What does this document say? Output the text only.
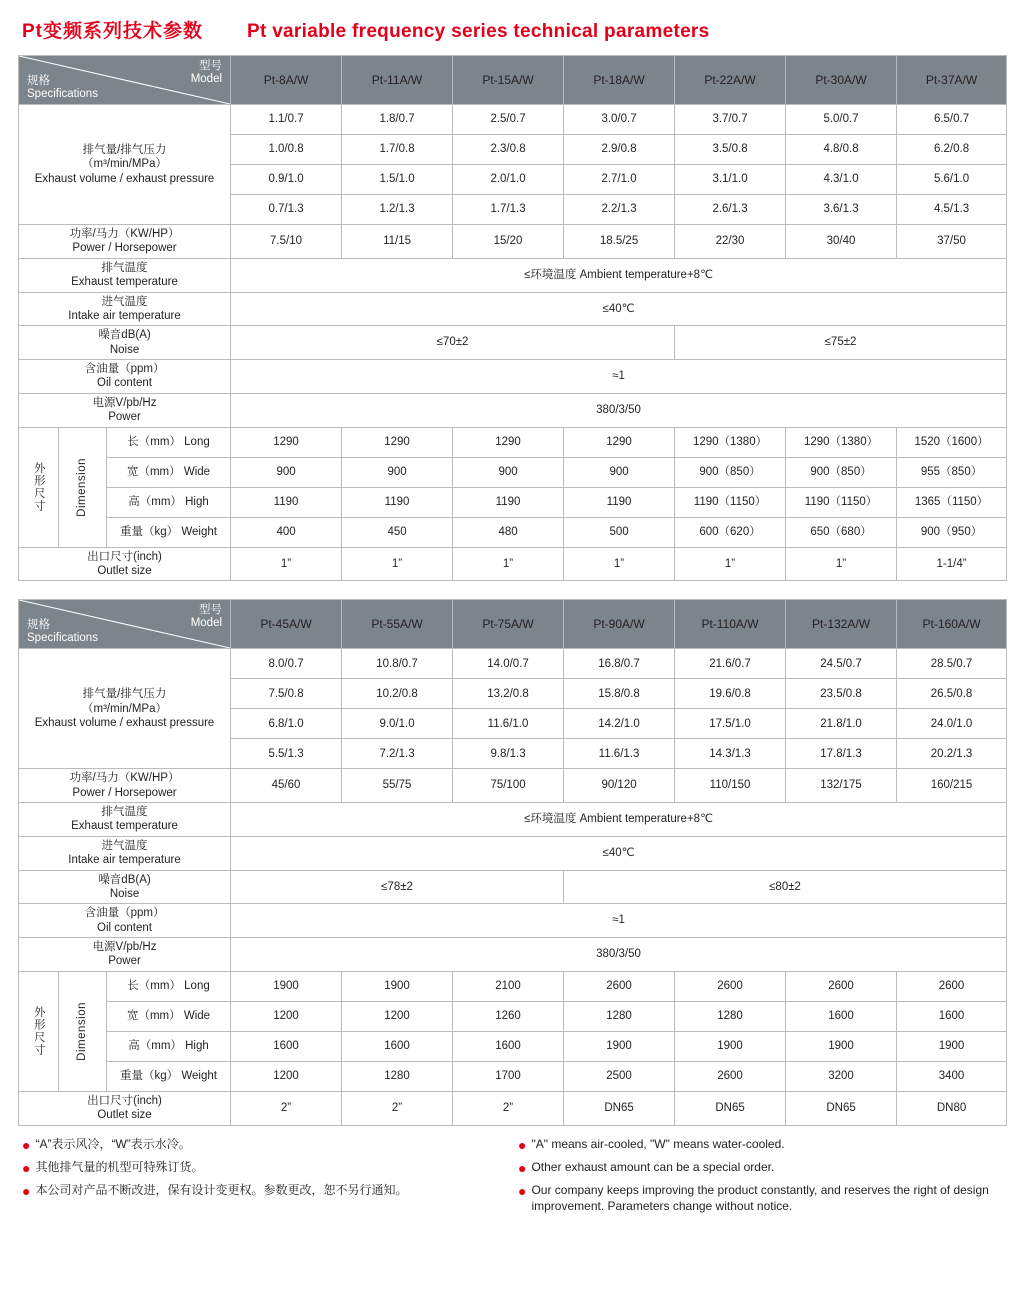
Pt变频系列技术参数 Pt variable frequency series technical parameters
型号
Model
规格
Specifications			Pt-8A/W	Pt-11A/W	Pt-15A/W	Pt-18A/W	Pt-22A/W	Pt-30A/W	Pt-37A/W

排气量/排气压力
（m³/min/MPa）
Exhaust volume / exhaust pressure			1.1/0.7	1.8/0.7	2.5/0.7	3.0/0.7	3.7/0.7	5.0/0.7	6.5/0.7
			1.0/0.8	1.7/0.8	2.3/0.8	2.9/0.8	3.5/0.8	4.8/0.8	6.2/0.8
			0.9/1.0	1.5/1.0	2.0/1.0	2.7/1.0	3.1/1.0	4.3/1.0	5.6/1.0
			0.7/1.3	1.2/1.3	1.7/1.3	2.2/1.3	2.6/1.3	3.6/1.3	4.5/1.3

功率/马力（KW/HP）
Power / Horsepower			7.5/10	11/15	15/20	18.5/25	22/30	30/40	37/50

排气温度
Exhaust temperature			≤环境温度 Ambient temperature+8℃						

进气温度
Intake air temperature			≤40℃						

噪音dB(A)
Noise			≤70±2				≤75±2		

含油量（ppm）
Oil content			≈1						

电源V/pb/Hz
Power			380/3/50						

外形尺寸	Dimension	长（mm） Long	1290	1290	1290	1290	1290（1380）	1290（1380）	1520（1600）
		宽（mm） Wide	900	900	900	900	900（850）	900（850）	955（850）
		高（mm） High	1190	1190	1190	1190	1190（1150）	1190（1150）	1365（1150）
		重量（kg） Weight	400	450	480	500	600（620）	650（680）	900（950）

出口尺寸(inch)
Outlet size			1”	1”	1”	1”	1”	1”	1-1/4”
型号
Model
规格
Specifications			Pt-45A/W	Pt-55A/W	Pt-75A/W	Pt-90A/W	Pt-110A/W	Pt-132A/W	Pt-160A/W

排气量/排气压力
（m³/min/MPa）
Exhaust volume / exhaust pressure			8.0/0.7	10.8/0.7	14.0/0.7	16.8/0.7	21.6/0.7	24.5/0.7	28.5/0.7
			7.5/0.8	10.2/0.8	13.2/0.8	15.8/0.8	19.6/0.8	23.5/0.8	26.5/0.8
			6.8/1.0	9.0/1.0	11.6/1.0	14.2/1.0	17.5/1.0	21.8/1.0	24.0/1.0
			5.5/1.3	7.2/1.3	9.8/1.3	11.6/1.3	14.3/1.3	17.8/1.3	20.2/1.3

功率/马力（KW/HP）
Power / Horsepower			45/60	55/75	75/100	90/120	110/150	132/175	160/215

排气温度
Exhaust temperature			≤环境温度 Ambient temperature+8℃						

进气温度
Intake air temperature			≤40℃						

噪音dB(A)
Noise			≤78±2			≤80±2			

含油量（ppm）
Oil content			≈1						

电源V/pb/Hz
Power			380/3/50						

外形尺寸	Dimension	长（mm） Long	1900	1900	2100	2600	2600	2600	2600
		宽（mm） Wide	1200	1200	1260	1280	1280	1600	1600
		高（mm） High	1600	1600	1600	1900	1900	1900	1900
		重量（kg） Weight	1200	1280	1700	2500	2600	3200	3400

出口尺寸(inch)
Outlet size			2”	2”	2”	DN65	DN65	DN65	DN80
● “A”表示风冷，“W”表示水冷。
● 其他排气量的机型可特殊订货。
● 本公司对产品不断改进，保有设计变更权。参数更改，恕不另行通知。
● "A" means air-cooled, "W" means water-cooled.
● Other exhaust amount can be a special order.
● Our company keeps improving the product constantly, and reserves the right of design improvement. Parameters change without notice.
